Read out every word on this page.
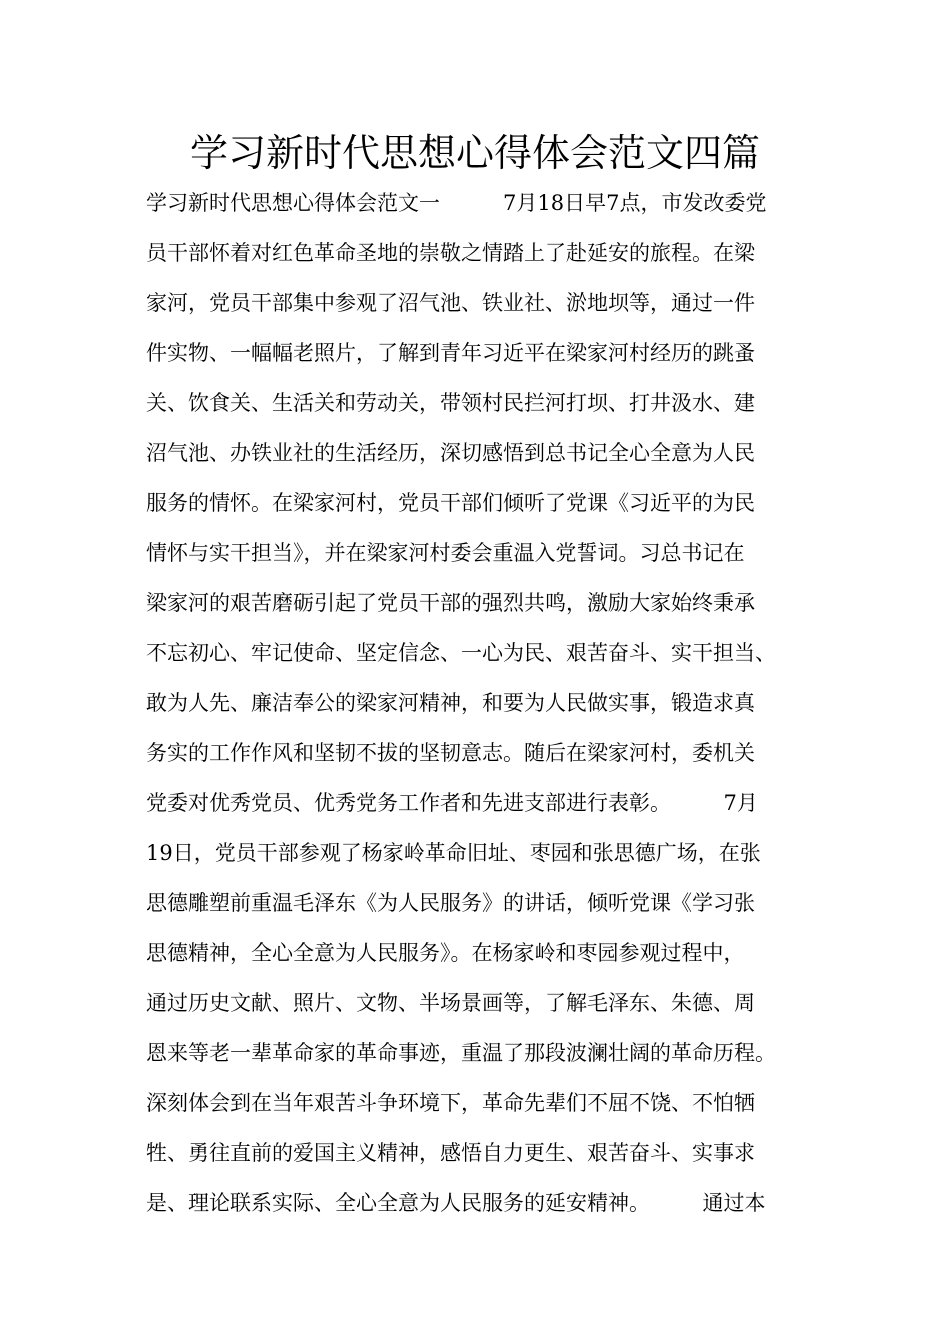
学习新时代思想心得体会范文四篇
学习新时代思想心得体会范文一　　　7月18日早7点，市发改委党
员干部怀着对红色革命圣地的崇敬之情踏上了赴延安的旅程。在梁
家河，党员干部集中参观了沼气池、铁业社、淤地坝等，通过一件
件实物、一幅幅老照片，了解到青年习近平在梁家河村经历的跳蚤
关、饮食关、生活关和劳动关，带领村民拦河打坝、打井汲水、建
沼气池、办铁业社的生活经历，深切感悟到总书记全心全意为人民
服务的情怀。在梁家河村，党员干部们倾听了党课《习近平的为民
情怀与实干担当》，并在梁家河村委会重温入党誓词。习总书记在
梁家河的艰苦磨砺引起了党员干部的强烈共鸣，激励大家始终秉承
不忘初心、牢记使命、坚定信念、一心为民、艰苦奋斗、实干担当、
敢为人先、廉洁奉公的梁家河精神，和要为人民做实事，锻造求真
务实的工作作风和坚韧不拔的坚韧意志。随后在梁家河村，委机关
党委对优秀党员、优秀党务工作者和先进支部进行表彰。　　　7月
19日，党员干部参观了杨家岭革命旧址、枣园和张思德广场，在张
思德雕塑前重温毛泽东《为人民服务》的讲话，倾听党课《学习张
思德精神，全心全意为人民服务》。在杨家岭和枣园参观过程中，
通过历史文献、照片、文物、半场景画等，了解毛泽东、朱德、周
恩来等老一辈革命家的革命事迹，重温了那段波澜壮阔的革命历程。
深刻体会到在当年艰苦斗争环境下，革命先辈们不屈不饶、不怕牺
牲、勇往直前的爱国主义精神，感悟自力更生、艰苦奋斗、实事求
是、理论联系实际、全心全意为人民服务的延安精神。　　　通过本
